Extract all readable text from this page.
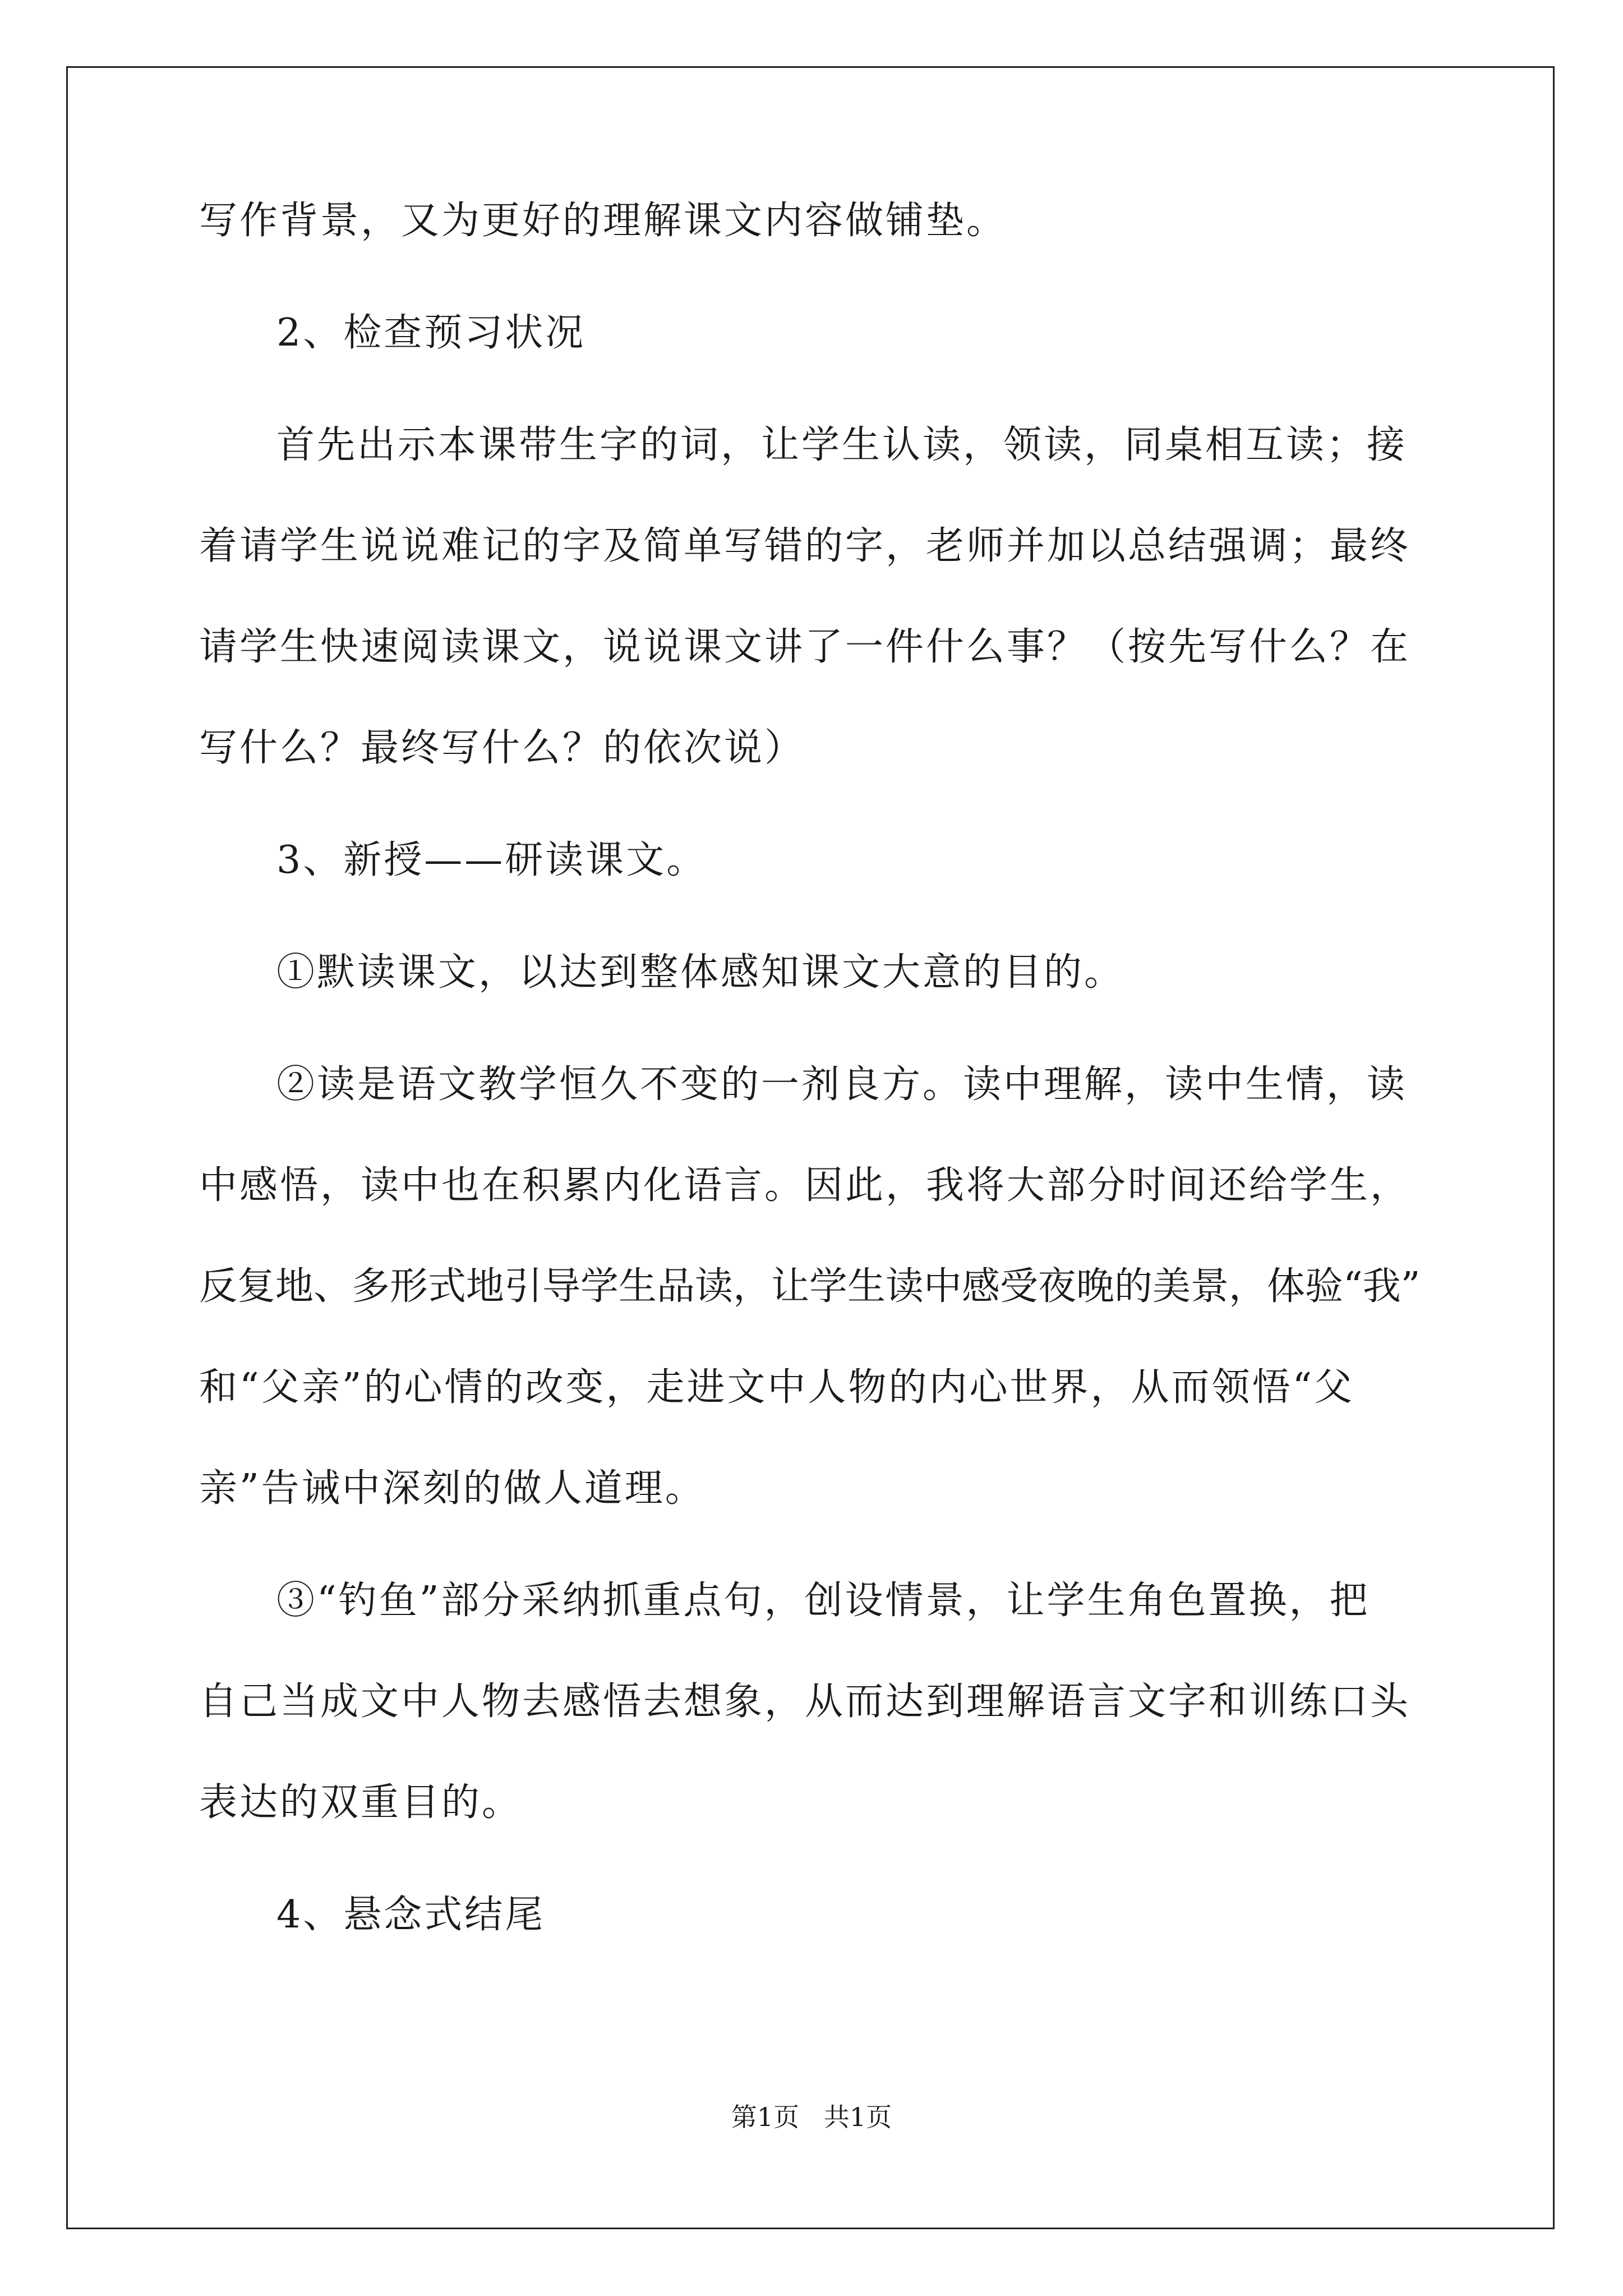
写作背景，又为更好的理解课文内容做铺垫。
2、检查预习状况
首先出示本课带生字的词，让学生认读，领读，同桌相互读；接
着请学生说说难记的字及简单写错的字，老师并加以总结强调；最终
请学生快速阅读课文，说说课文讲了一件什么事？（按先写什么？在
写什么？最终写什么？的依次说）
3、新授——研读课文。
①默读课文，以达到整体感知课文大意的目的。
②读是语文教学恒久不变的一剂良方。读中理解，读中生情，读
中感悟，读中也在积累内化语言。因此，我将大部分时间还给学生，
反复地、多形式地引导学生品读，让学生读中感受夜晚的美景，体验“我”
和“父亲”的心情的改变，走进文中人物的内心世界，从而领悟“父
亲”告诫中深刻的做人道理。
③“钓鱼”部分采纳抓重点句，创设情景，让学生角色置换，把
自己当成文中人物去感悟去想象，从而达到理解语言文字和训练口头
表达的双重目的。
4、悬念式结尾
第1页   共1页
